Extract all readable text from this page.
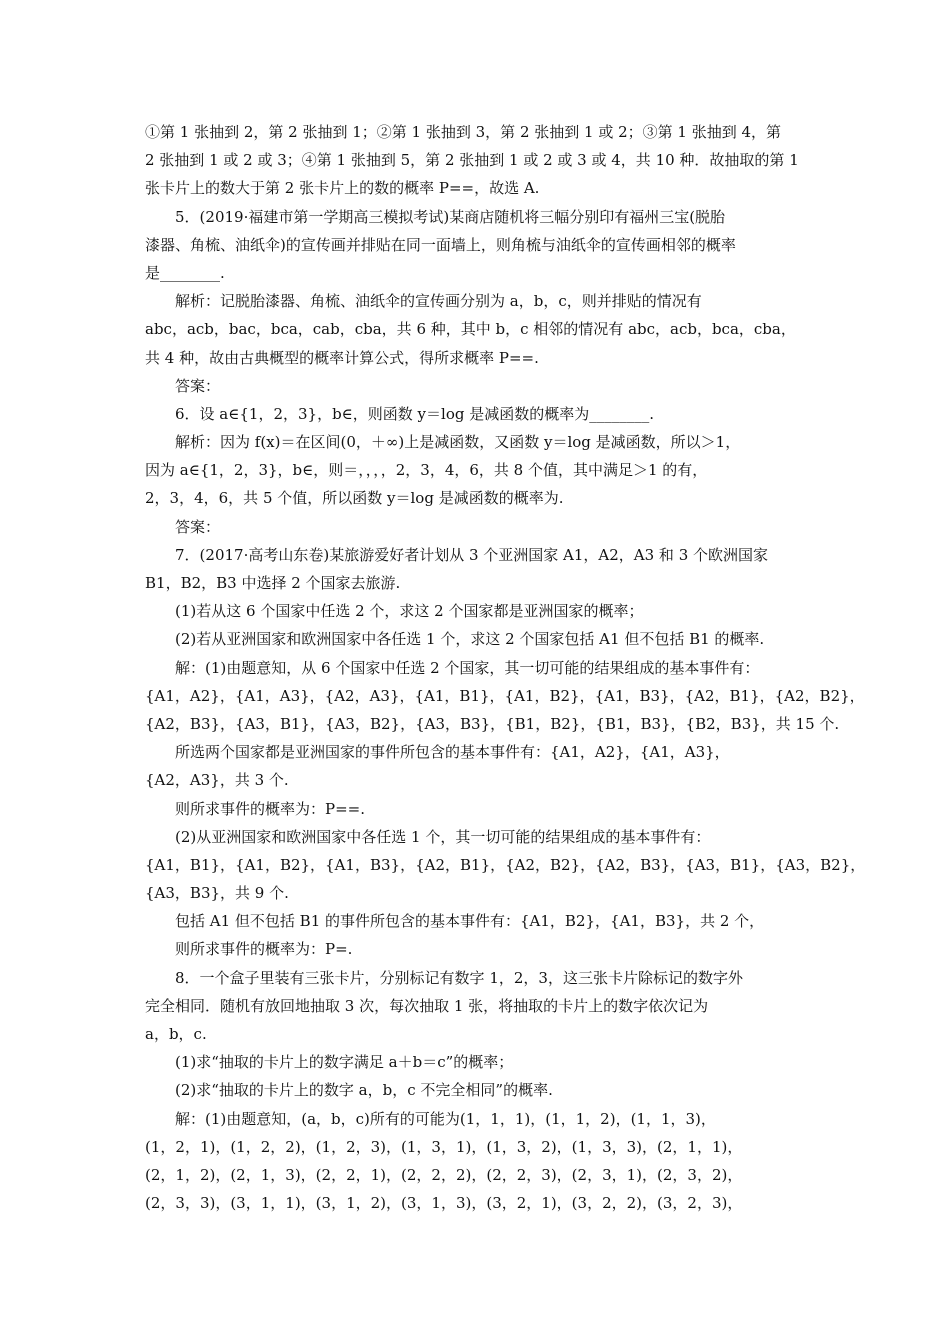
①第 1 张抽到 2，第 2 张抽到 1；②第 1 张抽到 3，第 2 张抽到 1 或 2；③第 1 张抽到 4，第
2 张抽到 1 或 2 或 3；④第 1 张抽到 5，第 2 张抽到 1 或 2 或 3 或 4，共 10 种．故抽取的第 1
张卡片上的数大于第 2 张卡片上的数的概率 P==，故选 A.
5．(2019·福建市第一学期高三模拟考试)某商店随机将三幅分别印有福州三宝(脱胎
漆器、角梳、油纸伞)的宣传画并排贴在同一面墙上，则角梳与油纸伞的宣传画相邻的概率
是________.
解析：记脱胎漆器、角梳、油纸伞的宣传画分别为 a，b，c，则并排贴的情况有
abc，acb，bac，bca，cab，cba，共 6 种，其中 b，c 相邻的情况有 abc，acb，bca，cba，
共 4 种，故由古典概型的概率计算公式，得所求概率 P==.
答案：
6．设 a∈{1，2，3}，b∈，则函数 y＝log 是减函数的概率为________.
解析：因为 f(x)＝在区间(0，＋∞)上是减函数，又函数 y＝log 是减函数，所以＞1，
因为 a∈{1，2，3}，b∈，则＝，，，，2，3，4，6，共 8 个值，其中满足＞1 的有，
2，3，4，6，共 5 个值，所以函数 y＝log 是减函数的概率为.
答案：
7．(2017·高考山东卷)某旅游爱好者计划从 3 个亚洲国家 A1，A2，A3 和 3 个欧洲国家
B1，B2，B3 中选择 2 个国家去旅游.
(1)若从这 6 个国家中任选 2 个，求这 2 个国家都是亚洲国家的概率；
(2)若从亚洲国家和欧洲国家中各任选 1 个，求这 2 个国家包括 A1 但不包括 B1 的概率.
解：(1)由题意知，从 6 个国家中任选 2 个国家，其一切可能的结果组成的基本事件有：
{A1，A2}，{A1，A3}，{A2，A3}，{A1，B1}，{A1，B2}，{A1，B3}，{A2，B1}，{A2，B2}，
{A2，B3}，{A3，B1}，{A3，B2}，{A3，B3}，{B1，B2}，{B1，B3}，{B2，B3}，共 15 个.
所选两个国家都是亚洲国家的事件所包含的基本事件有：{A1，A2}，{A1，A3}，
{A2，A3}，共 3 个.
则所求事件的概率为：P==.
(2)从亚洲国家和欧洲国家中各任选 1 个，其一切可能的结果组成的基本事件有：
{A1，B1}，{A1，B2}，{A1，B3}，{A2，B1}，{A2，B2}，{A2，B3}，{A3，B1}，{A3，B2}，
{A3，B3}，共 9 个.
包括 A1 但不包括 B1 的事件所包含的基本事件有：{A1，B2}，{A1，B3}，共 2 个，
则所求事件的概率为：P=.
8．一个盒子里装有三张卡片，分别标记有数字 1，2，3，这三张卡片除标记的数字外
完全相同．随机有放回地抽取 3 次，每次抽取 1 张，将抽取的卡片上的数字依次记为
a，b，c.
(1)求“抽取的卡片上的数字满足 a＋b＝c”的概率；
(2)求“抽取的卡片上的数字 a，b，c 不完全相同”的概率.
解：(1)由题意知，(a，b，c)所有的可能为(1，1，1)，(1，1，2)，(1，1，3)，
(1，2，1)，(1，2，2)，(1，2，3)，(1，3，1)，(1，3，2)，(1，3，3)，(2，1，1)，
(2，1，2)，(2，1，3)，(2，2，1)，(2，2，2)，(2，2，3)，(2，3，1)，(2，3，2)，
(2，3，3)，(3，1，1)，(3，1，2)，(3，1，3)，(3，2，1)，(3，2，2)，(3，2，3)，
